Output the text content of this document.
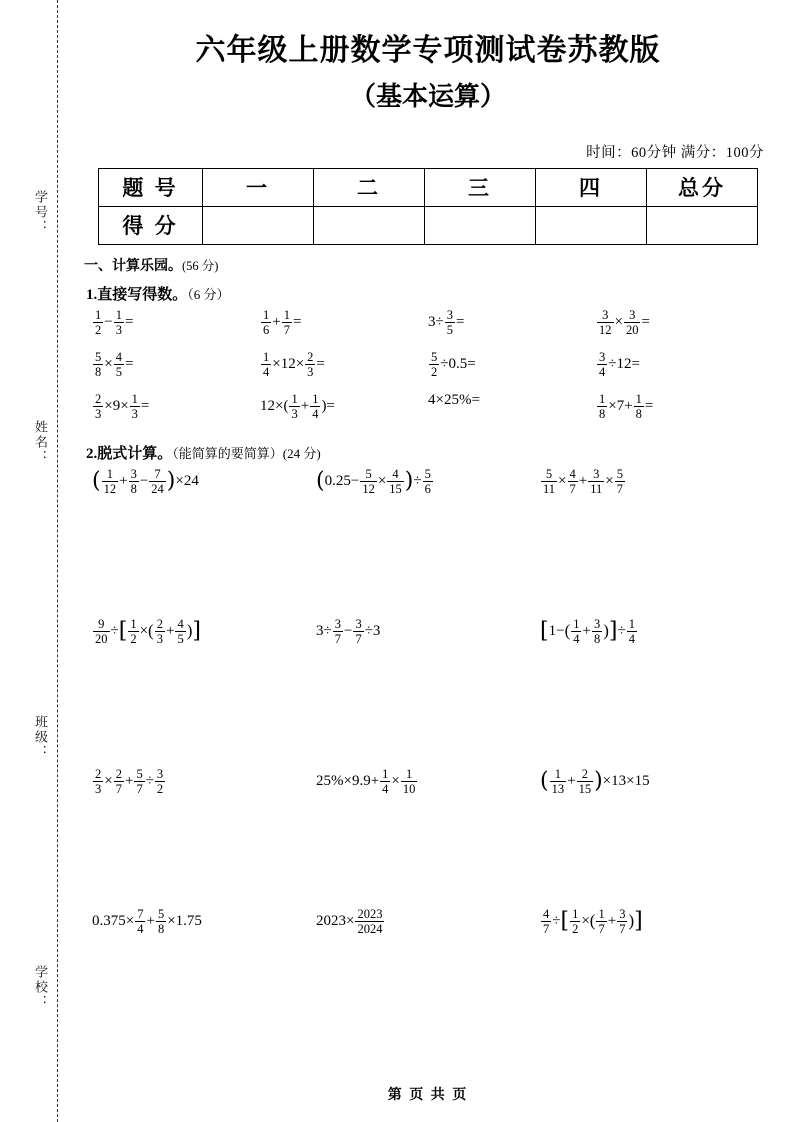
学号：
姓名：
班级：
学校：
六年级上册数学专项测试卷苏教版
（基本运算）
时间：60分钟 满分：100分
题 号	一	二	三	四	总分
得 分					
一、计算乐园。(56 分)
1.直接写得数。（6 分）
$\frac{1}{2} - \frac{1}{3}$ =	$\frac{1}{6} + \frac{1}{7}$ =	$3\div \frac{3}{5}$ =	$\frac{3}{12} \times \frac{3}{20}$ =
$\frac{5}{8} \times \frac{4}{5}$ =	$\frac{1}{4} \times 12\times \frac{2}{3}$ =	$\frac{5}{2} \div 0.5=$	$\frac{3}{4} \div 12=$
$\frac{2}{3} \times 9\times \frac{1}{3}$ =	$12\times( \frac{1}{3} + \frac{1}{4}$ )=	4×25%=	$\frac{1}{8} \times 7+ \frac{1}{8}$ =
2.脱式计算。（能简算的要简算）(24 分)
( $\frac{1}{12} + \frac{3}{8} - \frac{7}{24} )\times 24$	($0.25- \frac{5}{12} \times \frac{4}{15}$ )÷ $\frac{5}{6}$	$\frac{5}{11} \times \frac{4}{7} + \frac{3}{11} \times \frac{5}{7}$
$\frac{9}{20}$ ÷[ $\frac{1}{2}$ ×( $\frac{2}{3} + \frac{4}{5}$ )]	$3\div \frac{3}{7} - \frac{3}{7} \div 3$	[$1-( \frac{1}{4} + \frac{3}{8}$ )]÷ $\frac{1}{4}$
$\frac{2}{3} \times \frac{2}{7} + \frac{5}{7} \div \frac{3}{2}$	$25\%\times 9.9+ \frac{1}{4} \times \frac{1}{10}$	( $\frac{1}{13} + \frac{2}{15} )\times 13\times 15$
$0.375\times \frac{7}{4} + \frac{5}{8} \times 1.75$	$2023\times \frac{2023}{2024}$	$\frac{4}{7}$ ÷[ $\frac{1}{2}$ ×( $\frac{1}{7} + \frac{3}{7}$ )]
第 页 共 页
